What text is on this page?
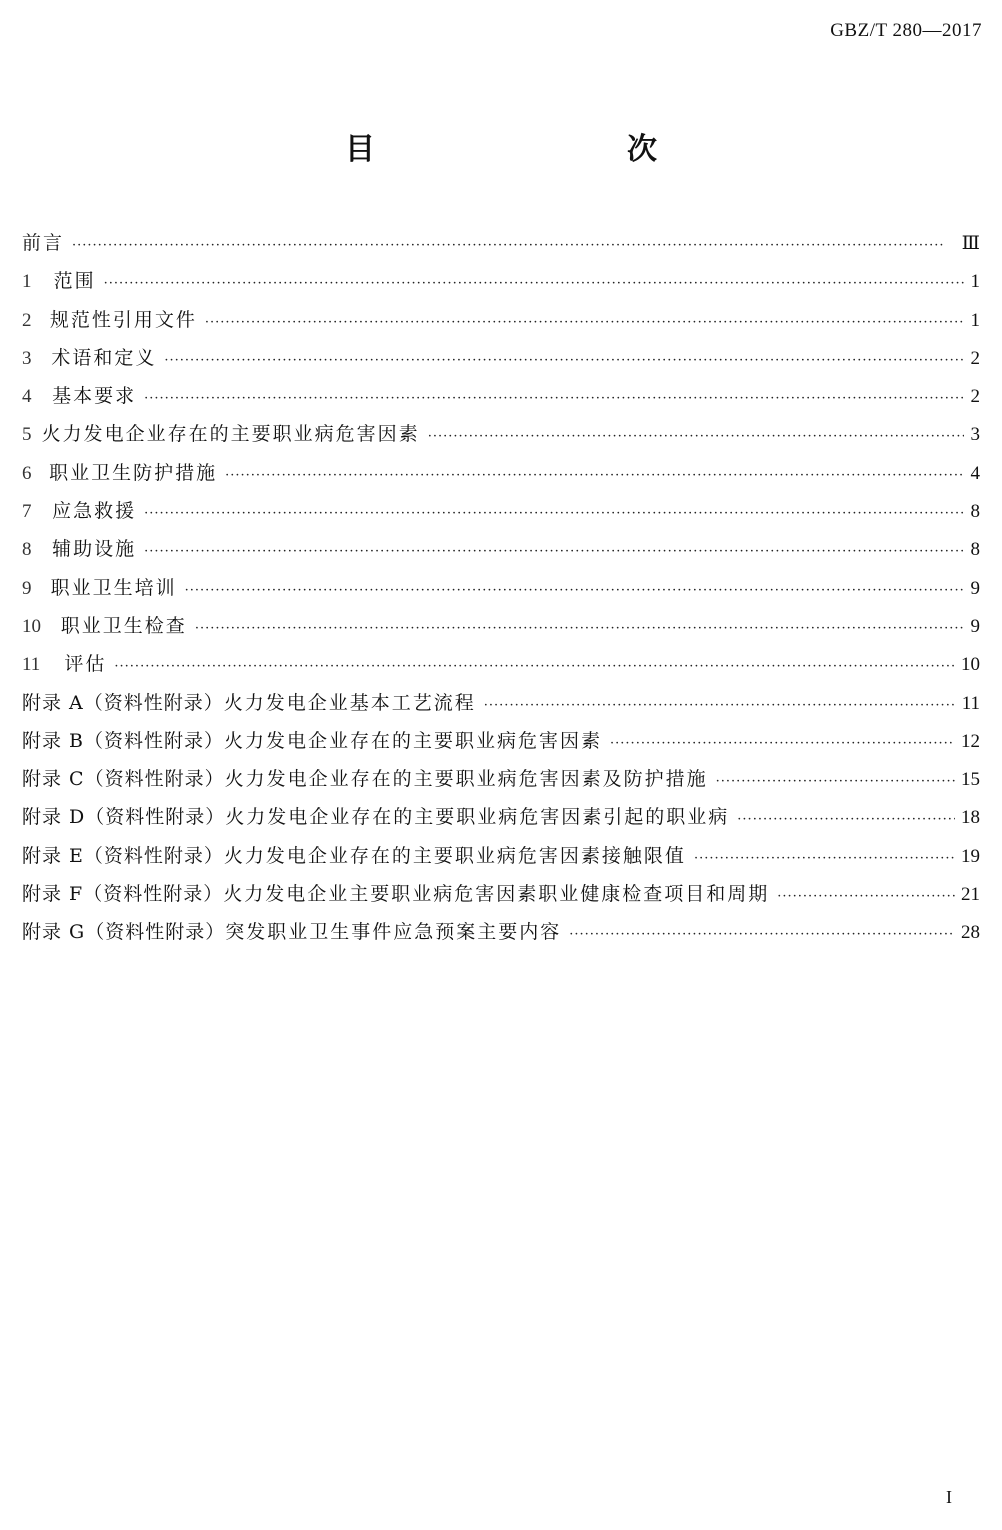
GBZ/T 280—2017
目　　次
前言 ·····	Ⅲ
1	范围 ·····	1
2 规范性引用文件 ·····	1
3	术语和定义 ·····	2
4	基本要求 ·····	2
5 火力发电企业存在的主要职业病危害因素 ·····	3
6 职业卫生防护措施 ·····	4
7	应急救援 ·····	8
8	辅助设施 ·····	8
9	职业卫生培训 ·····	9
10	职业卫生检查 ·····	9
11	评估 ·····	10
附录 A（资料性附录） 火力发电企业基本工艺流程 ·····	11
附录 B（资料性附录） 火力发电企业存在的主要职业病危害因素 ·····	12
附录 C（资料性附录） 火力发电企业存在的主要职业病危害因素及防护措施 ·····	15
附录 D（资料性附录） 火力发电企业存在的主要职业病危害因素引起的职业病 ·····	18
附录 E（资料性附录） 火力发电企业存在的主要职业病危害因素接触限值 ·····	19
附录 F（资料性附录） 火力发电企业主要职业病危害因素职业健康检查项目和周期 ·····	21
附录 G（资料性附录） 突发职业卫生事件应急预案主要内容 ·····	28
I
